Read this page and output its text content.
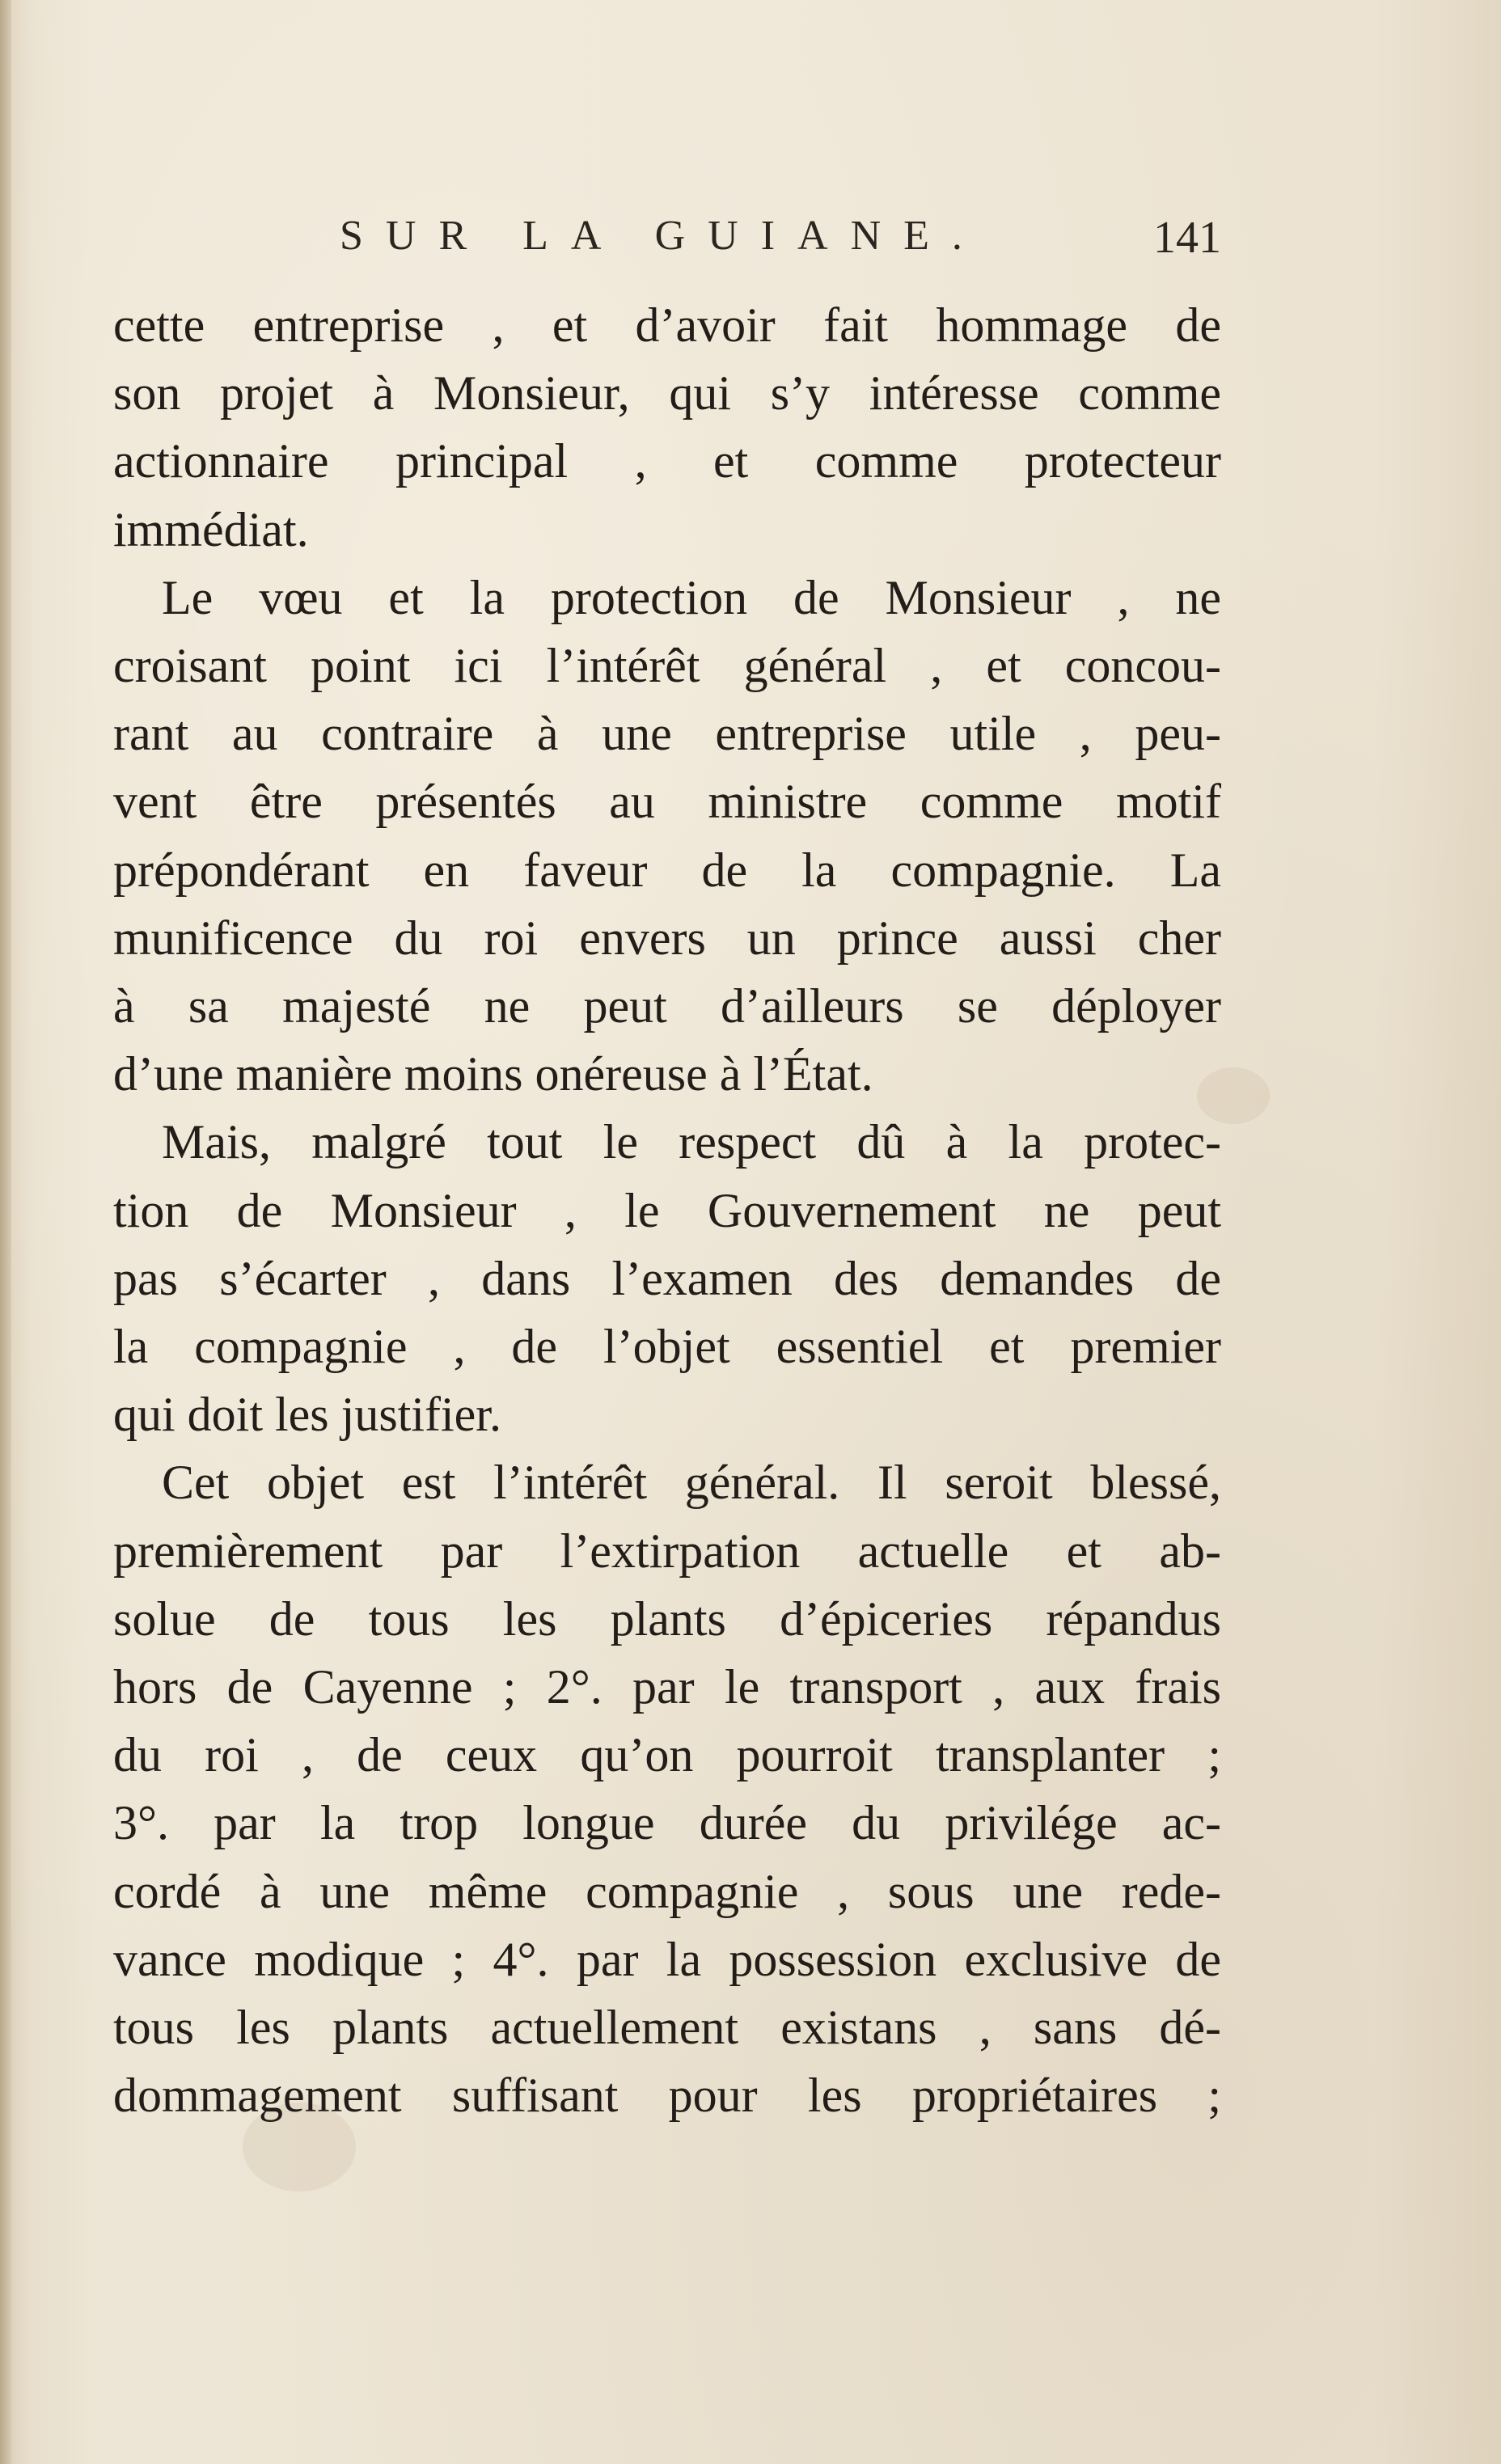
SUR LA GUIANE.	141
cette entreprise , et d’avoir fait hommage de
son projet à Monsieur, qui s’y intéresse comme
actionnaire principal , et comme protecteur
immédiat.
Le vœu et la protection de Monsieur , ne
croisant point ici l’intérêt général , et concou-
rant au contraire à une entreprise utile , peu-
vent être présentés au ministre comme motif
prépondérant en faveur de la compagnie. La
munificence du roi envers un prince aussi cher
à sa majesté ne peut d’ailleurs se déployer
d’une manière moins onéreuse à l’État.
Mais, malgré tout le respect dû à la protec-
tion de Monsieur , le Gouvernement ne peut
pas s’écarter , dans l’examen des demandes de
la compagnie , de l’objet essentiel et premier
qui doit les justifier.
Cet objet est l’intérêt général. Il seroit blessé,
premièrement par l’extirpation actuelle et ab-
solue de tous les plants d’épiceries répandus
hors de Cayenne ; 2°. par le transport , aux frais
du roi , de ceux qu’on pourroit transplanter ;
3°. par la trop longue durée du privilége ac-
cordé à une même compagnie , sous une rede-
vance modique ; 4°. par la possession exclusive de
tous les plants actuellement existans , sans dé-
dommagement suffisant pour les propriétaires ;
